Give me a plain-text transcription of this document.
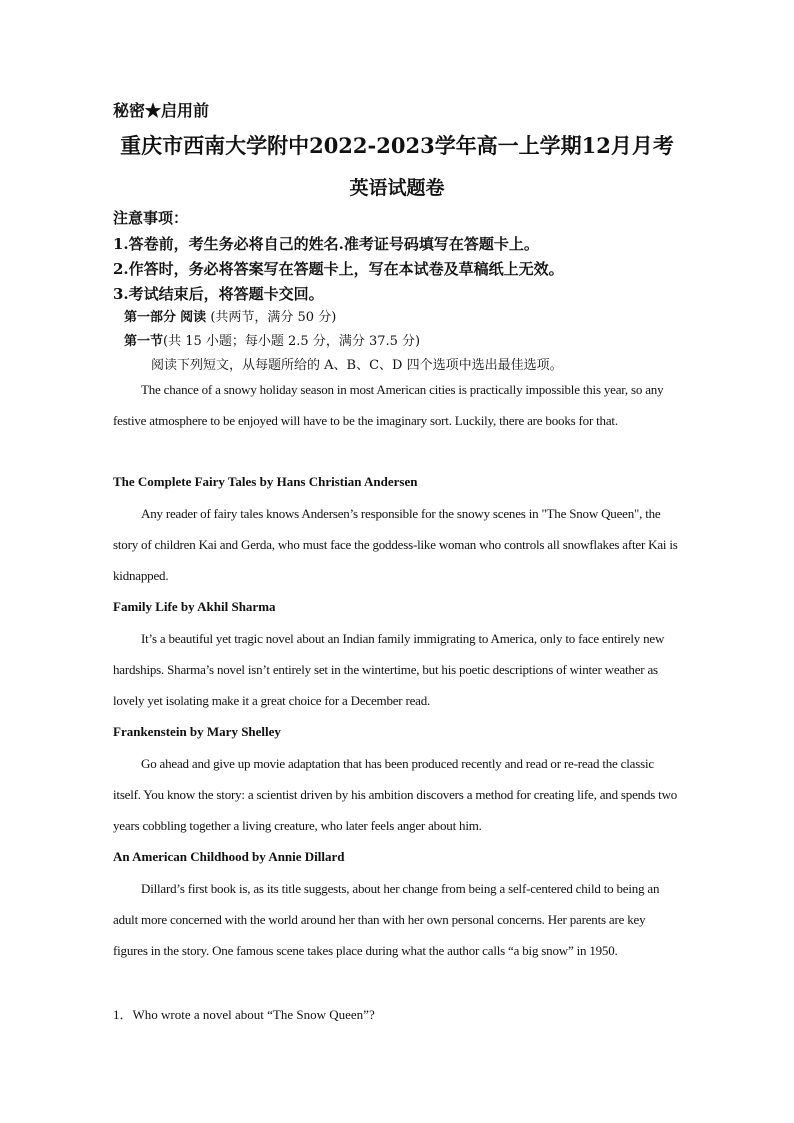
秘密★启用前
重庆市西南大学附中2022-2023学年高一上学期12月月考
英语试题卷
注意事项：
1.答卷前，考生务必将自己的姓名.准考证号码填写在答题卡上。
2.作答时，务必将答案写在答题卡上，写在本试卷及草稿纸上无效。
3.考试结束后，将答题卡交回。
第一部分 阅读 (共两节，满分 50 分)
第一节(共 15 小题；每小题 2.5 分，满分 37.5 分)
阅读下列短文，从每题所给的 A、B、C、D 四个选项中选出最佳选项。

The chance of a snowy holiday season in most American cities is practically impossible this year, so any festive atmosphere to be enjoyed will have to be the imaginary sort. Luckily, there are books for that.

The Complete Fairy Tales by Hans Christian Andersen

Any reader of fairy tales knows Andersen’s responsible for the snowy scenes in "The Snow Queen", the story of children Kai and Gerda, who must face the goddess-like woman who controls all snowflakes after Kai is kidnapped.

Family Life by Akhil Sharma

It’s a beautiful yet tragic novel about an Indian family immigrating to America, only to face entirely new hardships. Sharma’s novel isn’t entirely set in the wintertime, but his poetic descriptions of winter weather as lovely yet isolating make it a great choice for a December read.

Frankenstein by Mary Shelley

Go ahead and give up movie adaptation that has been produced recently and read or re-read the classic itself. You know the story: a scientist driven by his ambition discovers a method for creating life, and spends two years cobbling together a living creature, who later feels anger about him.

An American Childhood by Annie Dillard

Dillard’s first book is, as its title suggests, about her change from being a self-centered child to being an adult more concerned with the world around her than with her own personal concerns. Her parents are key figures in the story. One famous scene takes place during what the author calls “a big snow” in 1950.

1．Who wrote a novel about “The Snow Queen”?
